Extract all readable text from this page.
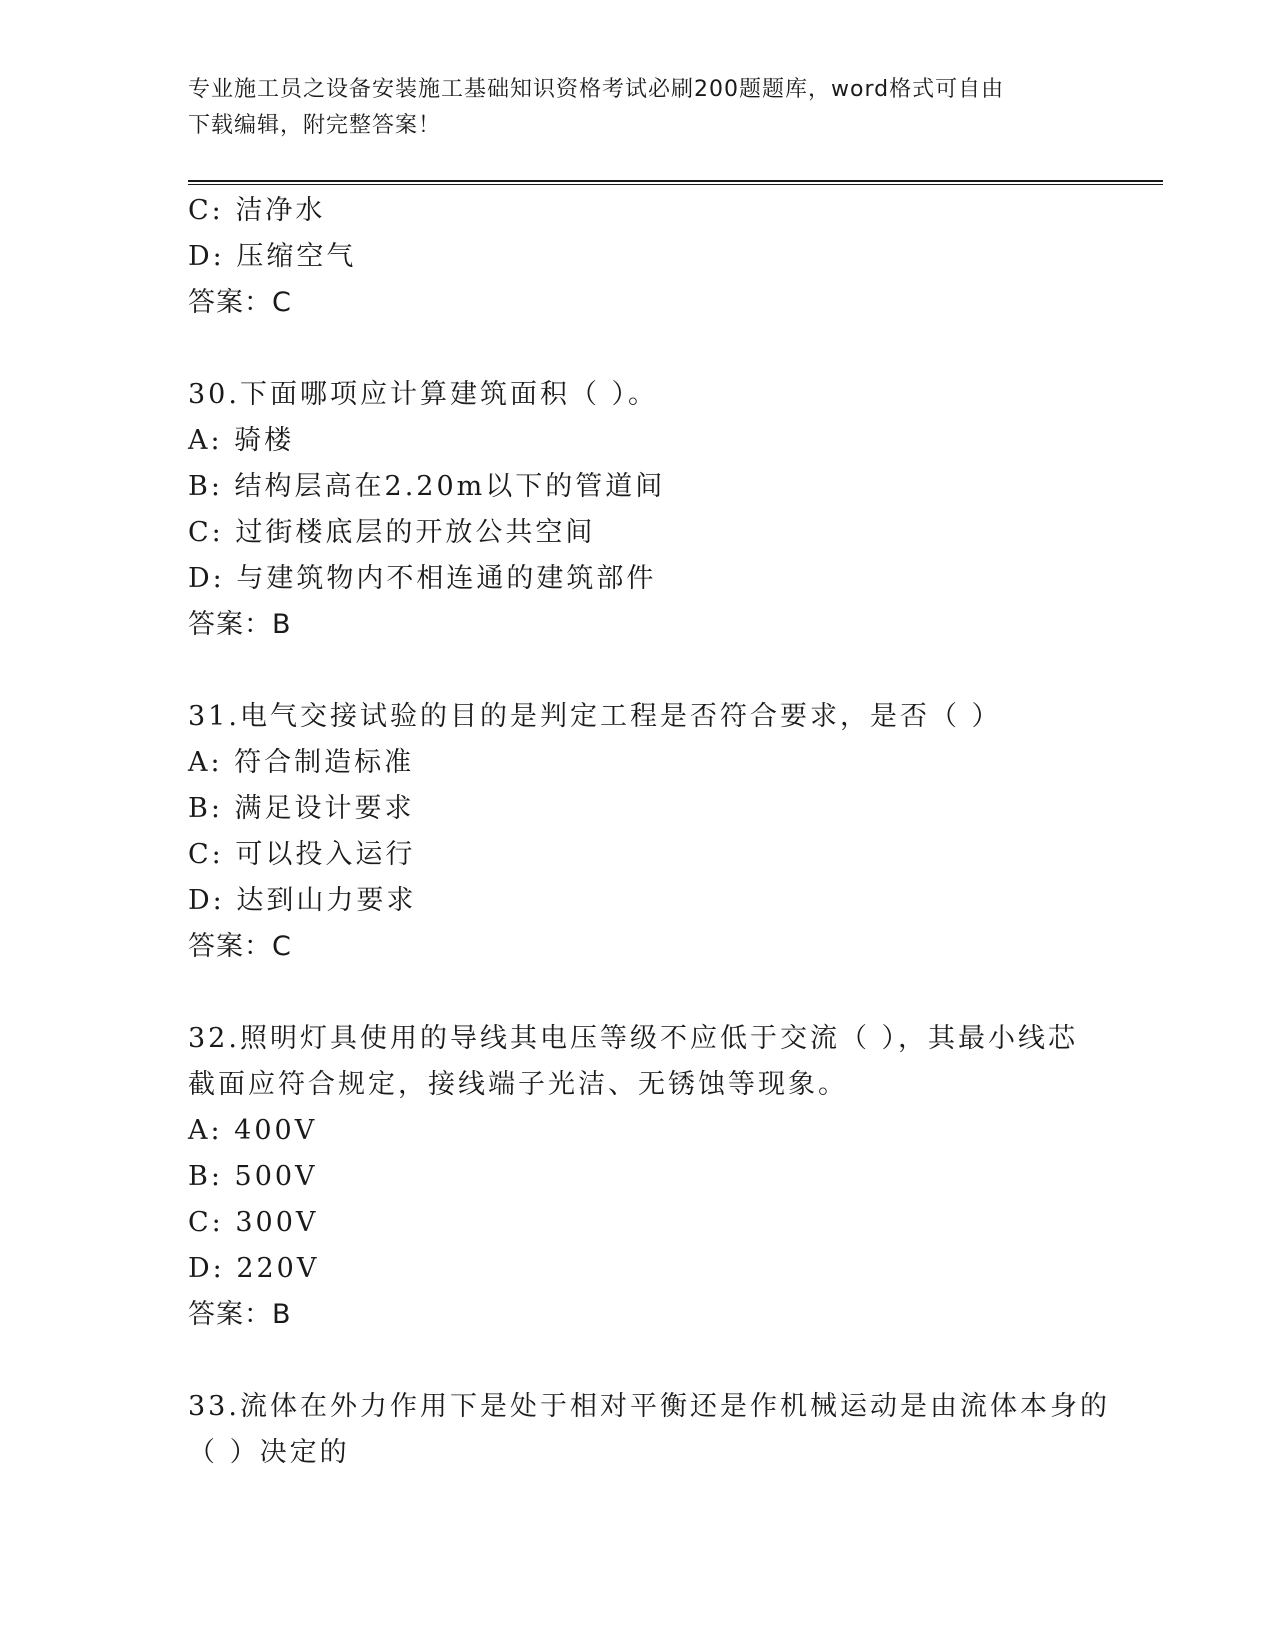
专业施工员之设备安装施工基础知识资格考试必刷200题题库，word格式可自由
下载编辑，附完整答案！
C: 洁净水
D: 压缩空气
答案：C
30.下面哪项应计算建筑面积（ ）。
A: 骑楼
B: 结构层高在2.20m以下的管道间
C: 过街楼底层的开放公共空间
D: 与建筑物内不相连通的建筑部件
答案：B
31.电气交接试验的目的是判定工程是否符合要求，是否（ ）
A: 符合制造标准
B: 满足设计要求
C: 可以投入运行
D: 达到山力要求
答案：C
32.照明灯具使用的导线其电压等级不应低于交流（ ），其最小线芯
截面应符合规定，接线端子光洁、无锈蚀等现象。
A: 400V
B: 500V
C: 300V
D: 220V
答案：B
33.流体在外力作用下是处于相对平衡还是作机械运动是由流体本身的
（ ）决定的
